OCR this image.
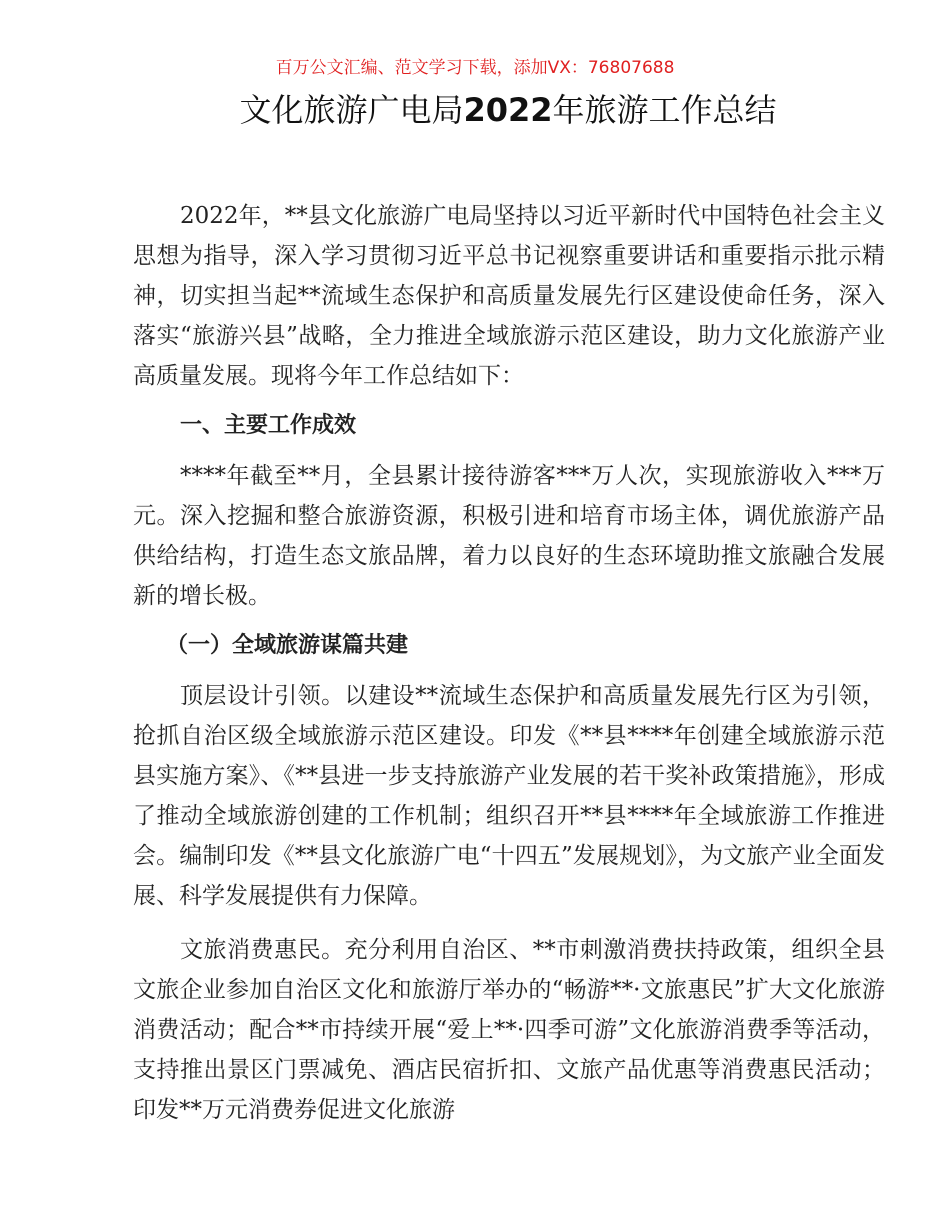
百万公文汇编、范文学习下载，添加VX：76807688
文化旅游广电局2022年旅游工作总结

2022年，**县文化旅游广电局坚持以习近平新时代中国特色社会主义思想为指导，深入学习贯彻习近平总书记视察重要讲话和重要指示批示精神，切实担当起**流域生态保护和高质量发展先行区建设使命任务，深入落实“旅游兴县”战略，全力推进全域旅游示范区建设，助力文化旅游产业高质量发展。现将今年工作总结如下：

一、主要工作成效

****年截至**月，全县累计接待游客***万人次，实现旅游收入***万元。深入挖掘和整合旅游资源，积极引进和培育市场主体，调优旅游产品供给结构，打造生态文旅品牌，着力以良好的生态环境助推文旅融合发展新的增长极。

（一）全域旅游谋篇共建

顶层设计引领。以建设**流域生态保护和高质量发展先行区为引领，抢抓自治区级全域旅游示范区建设。印发《**县****年创建全域旅游示范县实施方案》、《**县进一步支持旅游产业发展的若干奖补政策措施》，形成了推动全域旅游创建的工作机制；组织召开**县****年全域旅游工作推进会。编制印发《**县文化旅游广电“十四五”发展规划》，为文旅产业全面发展、科学发展提供有力保障。

文旅消费惠民。充分利用自治区、**市刺激消费扶持政策，组织全县文旅企业参加自治区文化和旅游厅举办的“畅游**·文旅惠民”扩大文化旅游消费活动；配合**市持续开展“爱上**·四季可游”文化旅游消费季等活动，支持推出景区门票减免、酒店民宿折扣、文旅产品优惠等消费惠民活动；印发**万元消费券促进文化旅游
